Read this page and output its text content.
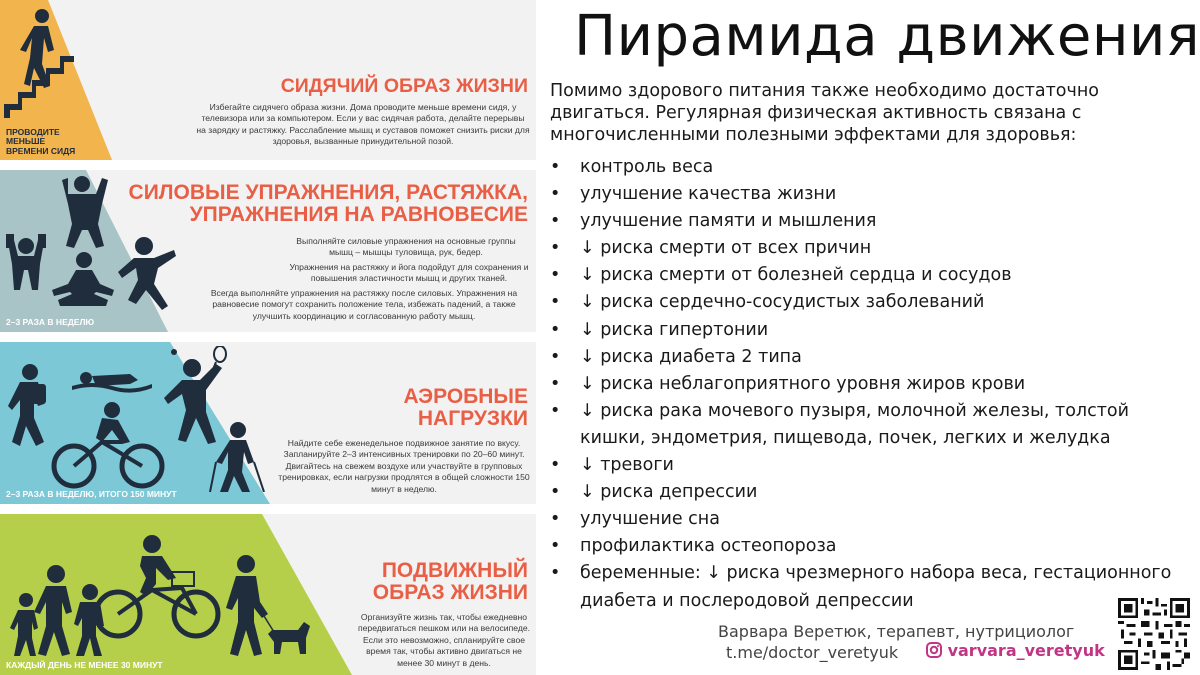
ПРОВОДИТЕ МЕНЬШЕ ВРЕМЕНИ СИДЯ
СИДЯЧИЙ ОБРАЗ ЖИЗНИ
Избегайте сидячего образа жизни. Дома проводите меньше времени сидя, у телевизора или за компьютером. Если у вас сидячая работа, делайте перерывы на зарядку и растяжку. Расслабление мышц и суставов поможет снизить риски для здоровья, вызванные принудительной позой.
2–3 РАЗА В НЕДЕЛЮ
СИЛОВЫЕ УПРАЖНЕНИЯ, РАСТЯЖКА,
УПРАЖНЕНИЯ НА РАВНОВЕСИЕ
Выполняйте силовые упражнения на основные группы мышц – мышцы туловища, рук, бедер.
Упражнения на растяжку и йога подойдут для сохранения и повышения эластичности мышц и других тканей.
Всегда выполняйте упражнения на растяжку после силовых. Упражнения на равновесие помогут сохранить положение тела, избежать падений, а также улучшить координацию и согласованную работу мышц.
2–3 РАЗА В НЕДЕЛЮ, ИТОГО 150 МИНУТ
АЭРОБНЫЕ
НАГРУЗКИ
Найдите себе еженедельное подвижное занятие по вкусу. Запланируйте 2–3 интенсивных тренировки по 20–60 минут. Двигайтесь на свежем воздухе или участвуйте в групповых тренировках, если нагрузки продлятся в общей сложности 150 минут в неделю.
КАЖДЫЙ ДЕНЬ НЕ МЕНЕЕ 30 МИНУТ
ПОДВИЖНЫЙ
ОБРАЗ ЖИЗНИ
Организуйте жизнь так, чтобы ежедневно передвигаться пешком или на велосипеде. Если это невозможно, спланируйте свое время так, чтобы активно двигаться не менее 30 минут в день.
Пирамида движения
Помимо здорового питания также необходимо достаточно двигаться. Регулярная физическая активность связана с многочисленными полезными эффектами для здоровья:
• контроль веса
• улучшение качества жизни
• улучшение памяти и мышления
• ↓ риска смерти от всех причин
• ↓ риска смерти от болезней сердца и сосудов
• ↓ риска сердечно-сосудистых заболеваний
• ↓ риска гипертонии
• ↓ риска диабета 2 типа
• ↓ риска неблагоприятного уровня жиров крови
• ↓ риска рака мочевого пузыря, молочной железы, толстой кишки, эндометрия, пищевода, почек, легких и желудка
• ↓ тревоги
• ↓ риска депрессии
• улучшение сна
• профилактика остеопороза
• беременные: ↓ риска чрезмерного набора веса, гестационного диабета и послеродовой депрессии
Варвара Веретюк, терапевт, нутрициолог
t.me/doctor_veretyuk	varvara_veretyuk
